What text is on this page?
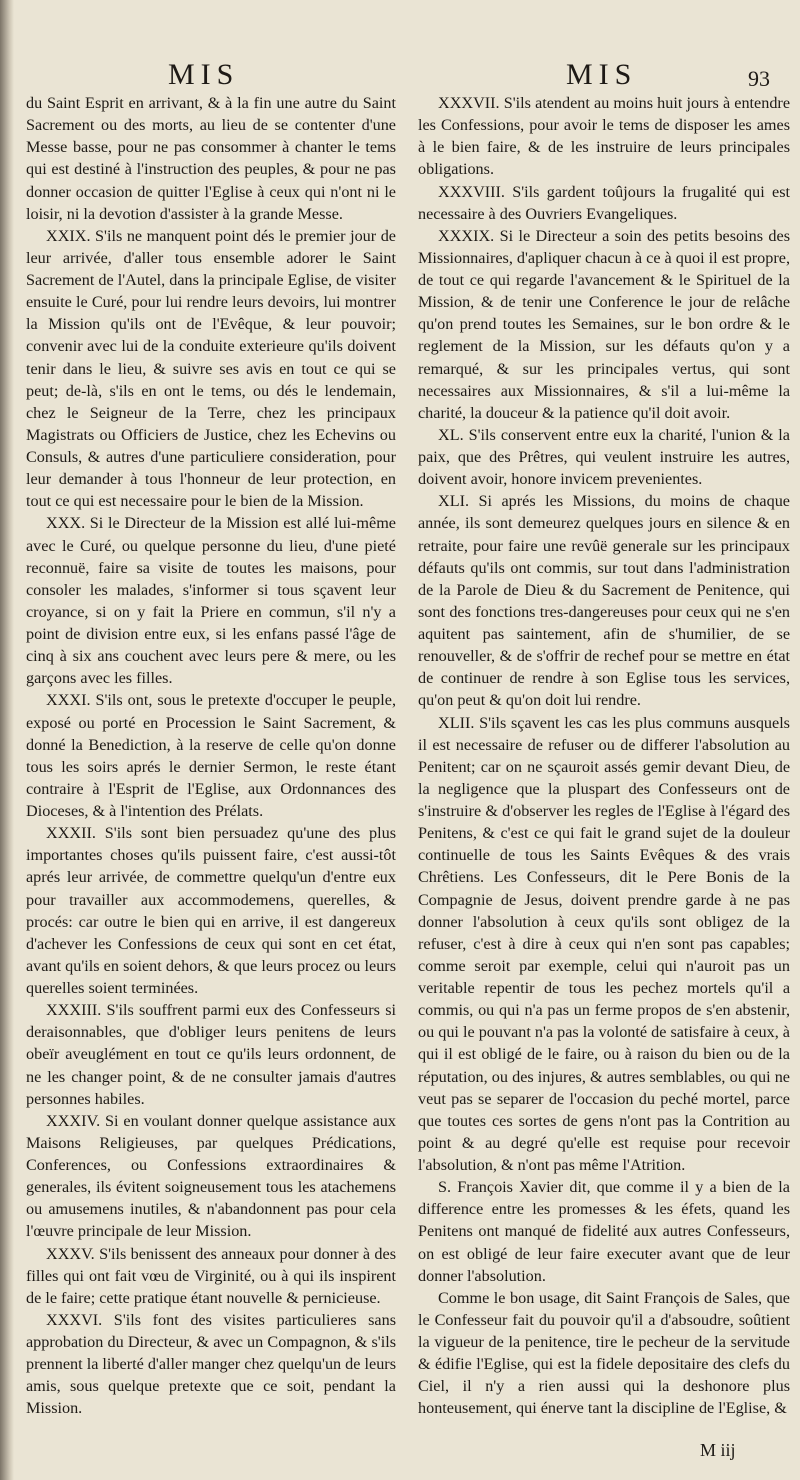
MIS	MIS	93

du Saint Esprit en arrivant, & à la fin une autre du Saint Sacrement ou des morts, au lieu de se contenter d'une Messe basse, pour ne pas consommer à chanter le tems qui est destiné à l'instruction des peuples, & pour ne pas donner occasion de quitter l'Eglise à ceux qui n'ont ni le loisir, ni la devotion d'assister à la grande Messe.

XXIX. S'ils ne manquent point dés le premier jour de leur arrivée, d'aller tous ensemble adorer le Saint Sacrement de l'Autel, dans la principale Eglise, de visiter ensuite le Curé, pour lui rendre leurs devoirs, lui montrer la Mission qu'ils ont de l'Evêque, & leur pouvoir; convenir avec lui de la conduite exterieure qu'ils doivent tenir dans le lieu, & suivre ses avis en tout ce qui se peut; de-là, s'ils en ont le tems, ou dés le lendemain, chez le Seigneur de la Terre, chez les principaux Magistrats ou Officiers de Justice, chez les Echevins ou Consuls, & autres d'une particuliere consideration, pour leur demander à tous l'honneur de leur protection, en tout ce qui est necessaire pour le bien de la Mission.

XXX. Si le Directeur de la Mission est allé lui-même avec le Curé, ou quelque personne du lieu, d'une pieté reconnuë, faire sa visite de toutes les maisons, pour consoler les malades, s'informer si tous sçavent leur croyance, si on y fait la Priere en commun, s'il n'y a point de division entre eux, si les enfans passé l'âge de cinq à six ans couchent avec leurs pere & mere, ou les garçons avec les filles.

XXXI. S'ils ont, sous le pretexte d'occuper le peuple, exposé ou porté en Procession le Saint Sacrement, & donné la Benediction, à la reserve de celle qu'on donne tous les soirs aprés le dernier Sermon, le reste étant contraire à l'Esprit de l'Eglise, aux Ordonnances des Dioceses, & à l'intention des Prélats.

XXXII. S'ils sont bien persuadez qu'une des plus importantes choses qu'ils puissent faire, c'est aussi-tôt aprés leur arrivée, de commettre quelqu'un d'entre eux pour travailler aux accommodemens, querelles, & procés: car outre le bien qui en arrive, il est dangereux d'achever les Confessions de ceux qui sont en cet état, avant qu'ils en soient dehors, & que leurs procez ou leurs querelles soient terminées.

XXXIII. S'ils souffrent parmi eux des Confesseurs si deraisonnables, que d'obliger leurs penitens de leurs obeïr aveuglément en tout ce qu'ils leurs ordonnent, de ne les changer point, & de ne consulter jamais d'autres personnes habiles.

XXXIV. Si en voulant donner quelque assistance aux Maisons Religieuses, par quelques Prédications, Conferences, ou Confessions extraordinaires & generales, ils évitent soigneusement tous les atachemens ou amusemens inutiles, & n'abandonnent pas pour cela l'œuvre principale de leur Mission.

XXXV. S'ils benissent des anneaux pour donner à des filles qui ont fait vœu de Virginité, ou à qui ils inspirent de le faire; cette pratique étant nouvelle & pernicieuse.

XXXVI. S'ils font des visites particulieres sans approbation du Directeur, & avec un Compagnon, & s'ils prennent la liberté d'aller manger chez quelqu'un de leurs amis, sous quelque pretexte que ce soit, pendant la Mission.

XXXVII. S'ils atendent au moins huit jours à entendre les Confessions, pour avoir le tems de disposer les ames à le bien faire, & de les instruire de leurs principales obligations.

XXXVIII. S'ils gardent toûjours la frugalité qui est necessaire à des Ouvriers Evangeliques.

XXXIX. Si le Directeur a soin des petits besoins des Missionnaires, d'apliquer chacun à ce à quoi il est propre, de tout ce qui regarde l'avancement & le Spirituel de la Mission, & de tenir une Conference le jour de relâche qu'on prend toutes les Semaines, sur le bon ordre & le reglement de la Mission, sur les défauts qu'on y a remarqué, & sur les principales vertus, qui sont necessaires aux Missionnaires, & s'il a lui-même la charité, la douceur & la patience qu'il doit avoir.

XL. S'ils conservent entre eux la charité, l'union & la paix, que des Prêtres, qui veulent instruire les autres, doivent avoir, honore invicem prevenientes.

XLI. Si aprés les Missions, du moins de chaque année, ils sont demeurez quelques jours en silence & en retraite, pour faire une revûë generale sur les principaux défauts qu'ils ont commis, sur tout dans l'administration de la Parole de Dieu & du Sacrement de Penitence, qui sont des fonctions tres-dangereuses pour ceux qui ne s'en aquitent pas saintement, afin de s'humilier, de se renouveller, & de s'offrir de rechef pour se mettre en état de continuer de rendre à son Eglise tous les services, qu'on peut & qu'on doit lui rendre.

XLII. S'ils sçavent les cas les plus communs ausquels il est necessaire de refuser ou de differer l'absolution au Penitent; car on ne sçauroit assés gemir devant Dieu, de la negligence que la pluspart des Confesseurs ont de s'instruire & d'observer les regles de l'Eglise à l'égard des Penitens, & c'est ce qui fait le grand sujet de la douleur continuelle de tous les Saints Evêques & des vrais Chrêtiens. Les Confesseurs, dit le Pere Bonis de la Compagnie de Jesus, doivent prendre garde à ne pas donner l'absolution à ceux qu'ils sont obligez de la refuser, c'est à dire à ceux qui n'en sont pas capables; comme seroit par exemple, celui qui n'auroit pas un veritable repentir de tous les pechez mortels qu'il a commis, ou qui n'a pas un ferme propos de s'en abstenir, ou qui le pouvant n'a pas la volonté de satisfaire à ceux, à qui il est obligé de le faire, ou à raison du bien ou de la réputation, ou des injures, & autres semblables, ou qui ne veut pas se separer de l'occasion du peché mortel, parce que toutes ces sortes de gens n'ont pas la Contrition au point & au degré qu'elle est requise pour recevoir l'absolution, & n'ont pas même l'Atrition.

S. François Xavier dit, que comme il y a bien de la difference entre les promesses & les éfets, quand les Penitens ont manqué de fidelité aux autres Confesseurs, on est obligé de leur faire executer avant que de leur donner l'absolution.

Comme le bon usage, dit Saint François de Sales, que le Confesseur fait du pouvoir qu'il a d'absoudre, soûtient la vigueur de la penitence, tire le pecheur de la servitude & édifie l'Eglise, qui est la fidele depositaire des clefs du Ciel, il n'y a rien aussi qui la deshonore plus honteusement, qui énerve tant la discipline de l'Eglise, &

M iij
